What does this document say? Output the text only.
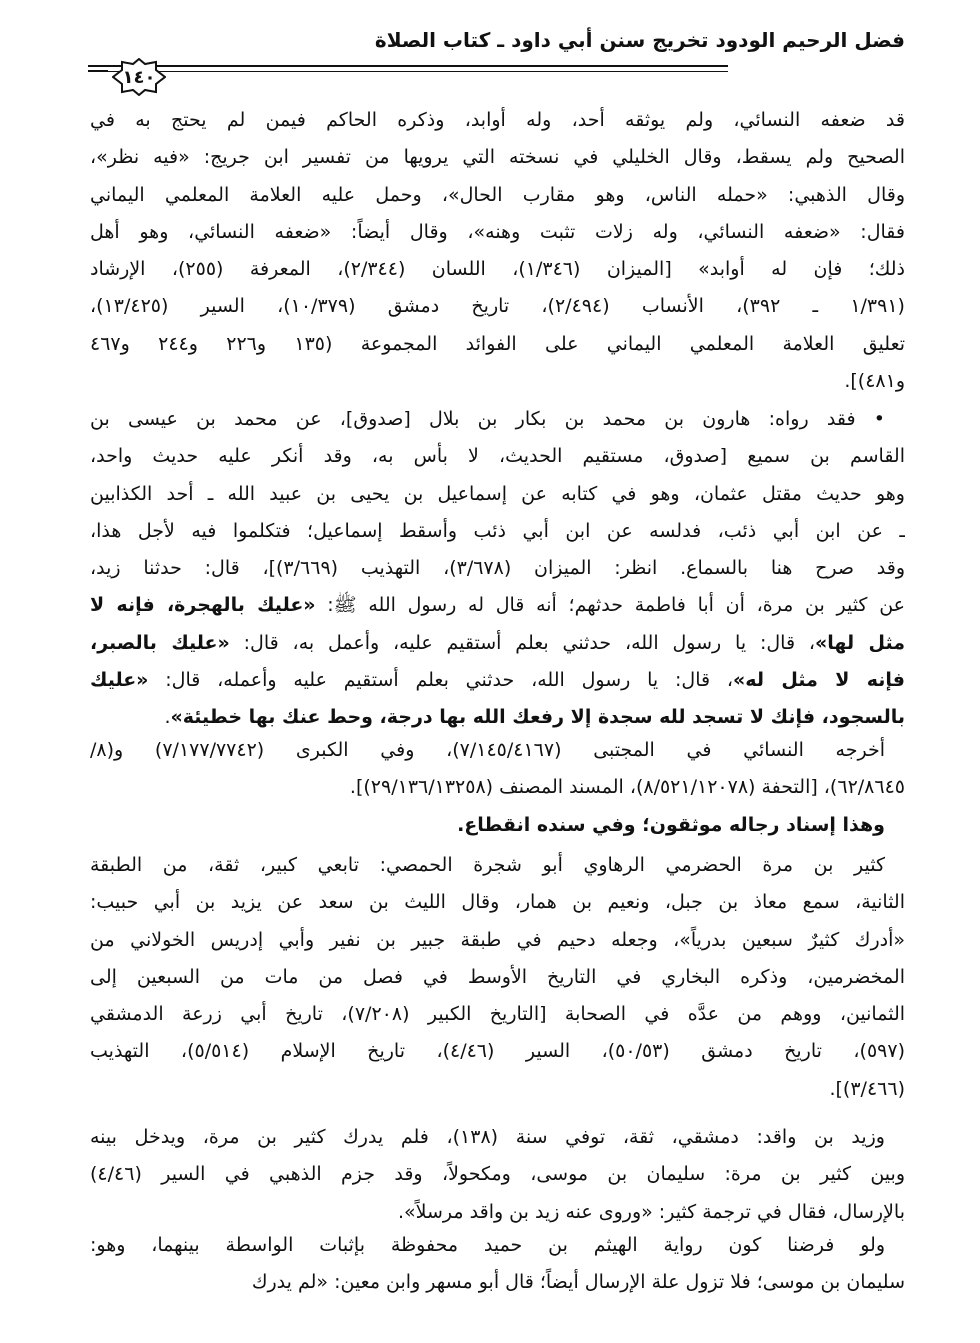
فضل الرحيم الودود تخريج سنن أبي داود ـ كتاب الصلاة
١٤٠
قد ضعفه النسائي، ولم يوثقه أحد، وله أوابد، وذكره الحاكم فيمن لم يحتج به في
الصحيح ولم يسقط، وقال الخليلي في نسخته التي يرويها من تفسير ابن جريج: «فيه نظر»،
وقال الذهبي: «حمله الناس، وهو مقارب الحال»، وحمل عليه العلامة المعلمي اليماني
فقال: «ضعفه النسائي، وله زلات تثبت وهنه»، وقال أيضاً: «ضعفه النسائي، وهو أهل
ذلك؛ فإن له أوابد» [الميزان (١/٣٤٦)، اللسان (٢/٣٤٤)، المعرفة (٢٥٥)، الإرشاد
(١/٣٩١ ـ ٣٩٢)، الأنساب (٢/٤٩٤)، تاريخ دمشق (١٠/٣٧٩)، السير (١٣/٤٢٥)،
تعليق العلامة المعلمي اليماني على الفوائد المجموعة (١٣٥ و٢٢٦ و٢٤٤ و٤٦٧
و٤٨١)].
• فقد رواه: هارون بن محمد بن بكار بن بلال [صدوق]، عن محمد بن عيسى بن
القاسم بن سميع [صدوق، مستقيم الحديث، لا بأس به، وقد أنكر عليه حديث واحد،
وهو حديث مقتل عثمان، وهو في كتابه عن إسماعيل بن يحيى بن عبيد الله ـ أحد الكذابين
ـ عن ابن أبي ذئب، فدلسه عن ابن أبي ذئب وأسقط إسماعيل؛ فتكلموا فيه لأجل هذا،
وقد صرح هنا بالسماع. انظر: الميزان (٣/٦٧٨)، التهذيب (٣/٦٦٩)]، قال: حدثنا زيد،
عن كثير بن مرة، أن أبا فاطمة حدثهم؛ أنه قال له رسول الله ﷺ: «عليك بالهجرة، فإنه لا
مثل لها»، قال: يا رسول الله، حدثني بعلم أستقيم عليه، وأعمل به، قال: «عليك بالصبر،
فإنه لا مثل له»، قال: يا رسول الله، حدثني بعلم أستقيم عليه وأعمله، قال: «عليك
بالسجود، فإنك لا تسجد لله سجدة إلا رفعك الله بها درجة، وحط عنك بها خطيئة».
أخرجه النسائي في المجتبى (٧/١٤٥/٤١٦٧)، وفي الكبرى (٧/١٧٧/٧٧٤٢) و(٨/
٦٢/٨٦٤٥)، [التحفة (٨/٥٢١/١٢٠٧٨)، المسند المصنف (٢٩/١٣٦/١٣٢٥٨)].
وهذا إسناد رجاله موثقون؛ وفي سنده انقطاع.
كثير بن مرة الحضرمي الرهاوي أبو شجرة الحمصي: تابعي كبير، ثقة، من الطبقة
الثانية، سمع معاذ بن جبل، ونعيم بن همار، وقال الليث بن سعد عن يزيد بن أبي حبيب:
«أدرك كثيرٌ سبعين بدرياً»، وجعله دحيم في طبقة جبير بن نفير وأبي إدريس الخولاني من
المخضرمين، وذكره البخاري في التاريخ الأوسط في فصل من مات من السبعين إلى
الثمانين، ووهم من عدَّه في الصحابة [التاريخ الكبير (٧/٢٠٨)، تاريخ أبي زرعة الدمشقي
(٥٩٧)، تاريخ دمشق (٥٠/٥٣)، السير (٤/٤٦)، تاريخ الإسلام (٥/٥١٤)، التهذيب
(٣/٤٦٦)].
وزيد بن واقد: دمشقي، ثقة، توفي سنة (١٣٨)، فلم يدرك كثير بن مرة، ويدخل بينه
وبين كثير بن مرة: سليمان بن موسى، ومكحولاً، وقد جزم الذهبي في السير (٤/٤٦)
بالإرسال، فقال في ترجمة كثير: «وروى عنه زيد بن واقد مرسلاً».
ولو فرضنا كون رواية الهيثم بن حميد محفوظة بإثبات الواسطة بينهما، وهو:
سليمان بن موسى؛ فلا تزول علة الإرسال أيضاً؛ قال أبو مسهر وابن معين: «لم يدرك
